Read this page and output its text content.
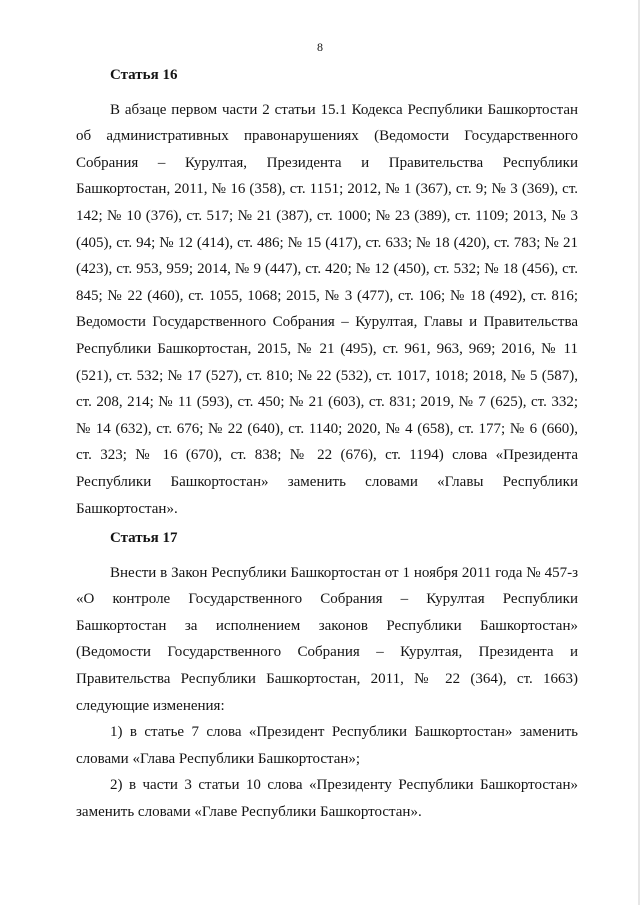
8
Статья 16

В абзаце первом части 2 статьи 15.1 Кодекса Республики Башкортостан об административных правонарушениях (Ведомости Государственного Собрания – Курултая, Президента и Правительства Республики Башкортостан, 2011, № 16 (358), ст. 1151; 2012, № 1 (367), ст. 9; № 3 (369), ст. 142; № 10 (376), ст. 517; № 21 (387), ст. 1000; № 23 (389), ст. 1109; 2013, № 3 (405), ст. 94; № 12 (414), ст. 486; № 15 (417), ст. 633; № 18 (420), ст. 783; № 21 (423), ст. 953, 959; 2014, № 9 (447), ст. 420; № 12 (450), ст. 532; № 18 (456), ст. 845; № 22 (460), ст. 1055, 1068; 2015, № 3 (477), ст. 106; № 18 (492), ст. 816; Ведомости Государственного Собрания – Курултая, Главы и Правительства Республики Башкортостан, 2015, № 21 (495), ст. 961, 963, 969; 2016, № 11 (521), ст. 532; № 17 (527), ст. 810; № 22 (532), ст. 1017, 1018; 2018, № 5 (587), ст. 208, 214; № 11 (593), ст. 450; № 21 (603), ст. 831; 2019, № 7 (625), ст. 332; № 14 (632), ст. 676; № 22 (640), ст. 1140; 2020, № 4 (658), ст. 177; № 6 (660), ст. 323; № 16 (670), ст. 838; № 22 (676), ст. 1194) слова «Президента Республики Башкортостан» заменить словами «Главы Республики Башкортостан».

Статья 17

Внести в Закон Республики Башкортостан от 1 ноября 2011 года № 457-з «О контроле Государственного Собрания – Курултая Республики Башкортостан за исполнением законов Республики Башкортостан» (Ведомости Государственного Собрания – Курултая, Президента и Правительства Республики Башкортостан, 2011, № 22 (364), ст. 1663) следующие изменения:

1) в статье 7 слова «Президент Республики Башкортостан» заменить словами «Глава Республики Башкортостан»;

2) в части 3 статьи 10 слова «Президенту Республики Башкортостан» заменить словами «Главе Республики Башкортостан».
